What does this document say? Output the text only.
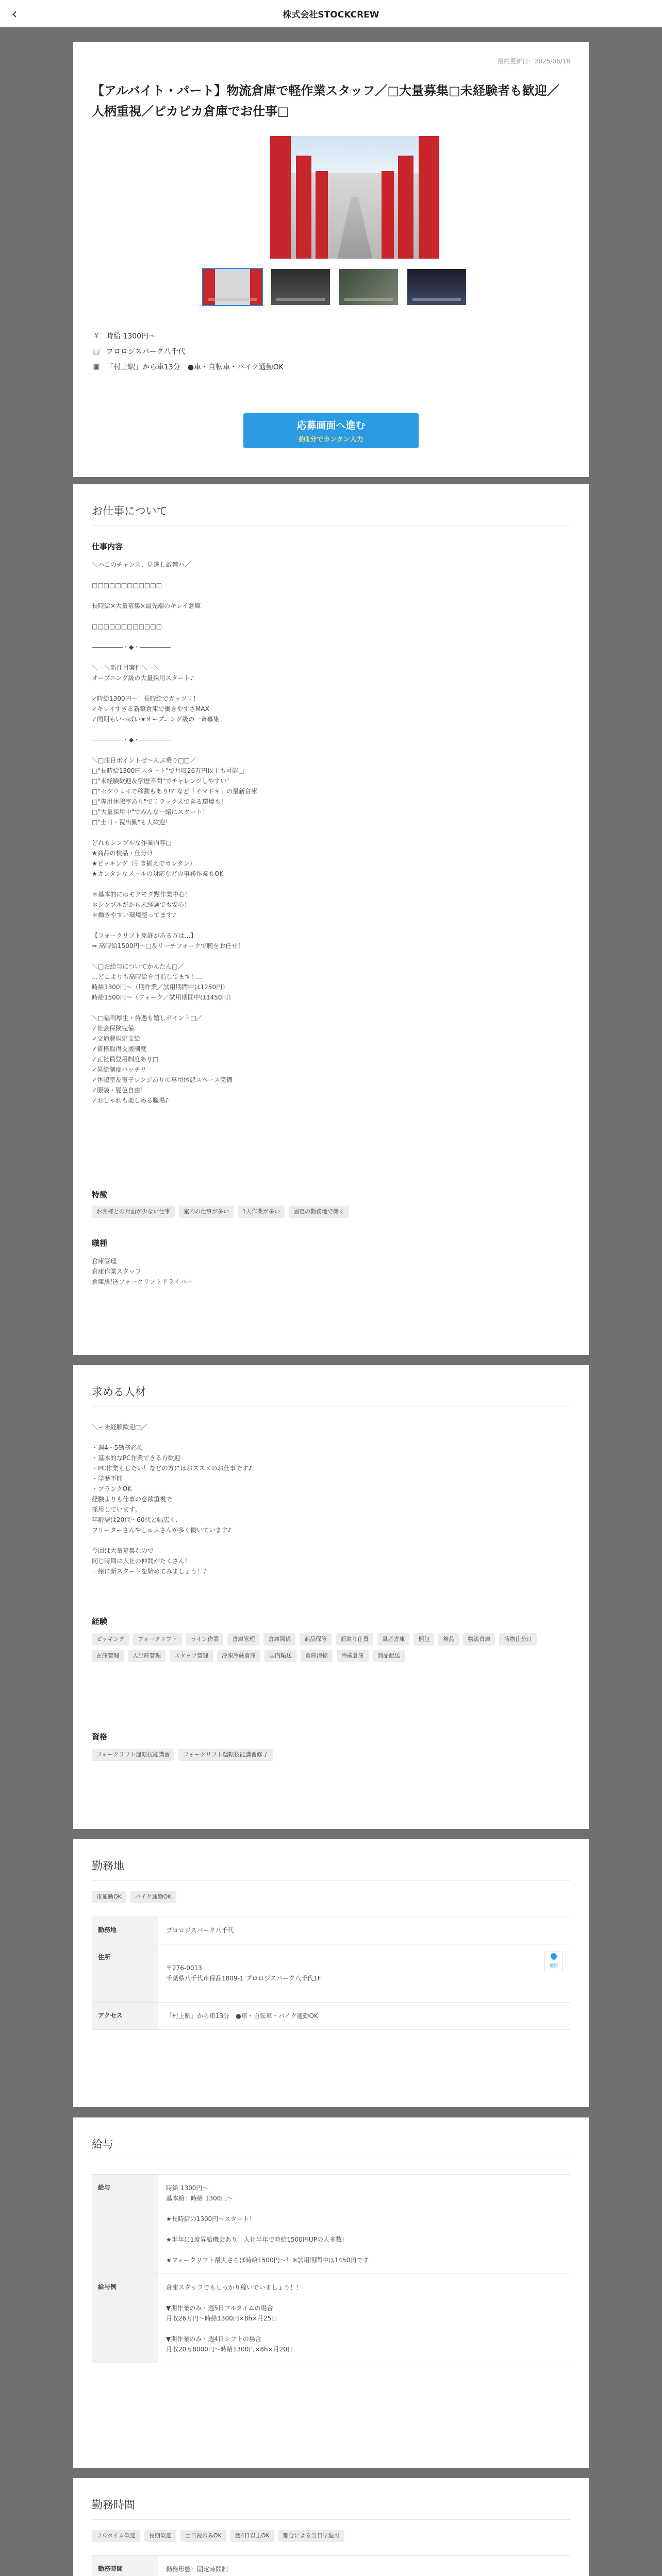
‹	株式会社STOCKCREW
最終更新日：2025/06/18
【アルバイト・パート】物流倉庫で軽作業スタッフ／□大量募集□未経験者も歓迎／人柄重視／ピカピカ倉庫でお仕事□
¥	時給 1300円〜
▤ プロロジスパーク八千代
▣ 「村上駅」から車13分　●車・自転車・バイク通勤OK
応募画面へ進む
約1分でカンタン入力
お仕事について
仕事内容
＼ハこのチャンス、見逃し厳禁ハ／

□□□□□□□□□□□□

長時給×大量募集×最先端のキレイ倉庫

□□□□□□□□□□□□

―――――・◆・―――――

＼―＼新注目案件＼―＼
オープニング級の大量採用スタート♪

✓時給1300円〜！長時給でガッツリ！
✓キレイすぎる新築倉庫で働きやすさMAX
✓同期もいっぱい★オープニング級の一斉募集

―――――・◆・―――――

＼□注目ポイントぜ〜んぶ乗り□□／
□"長時給1300円スタート"で月収26万円以上も可能□
□"未経験歓迎＆学歴不問"でチャレンジしやすい！
□"セグウェイで移動もあり!?"など「イマドキ」の最新倉庫
□"専用休憩室あり"でリラックスできる環境も！
□"大量採用中"でみんな一緒にスタート！
□"土日・祝出勤"も大歓迎！

どれもシンプルな作業内容□
★商品の検品・仕分け
★ピッキング（引き揃えでカンタン）
★カンタンなメールの対応などの事務作業もOK

＊基本的にはモクモク黙作業中心！
＊シンプルだから未経験でも安心！
＊働きやすい環境整ってます♪

【フォークリフト免許がある方は…】
⇒ 高時給1500円〜□＆リーチフォークで腕をお任せ！

＼□お給与についてかんたん□／
…どこよりも高時給を目指してます！…
時給1300円〜（期作業／試用期間中は1250円）
時給1500円〜（フォーク／試用期間中は1450円）

＼□福利厚生・待遇も嬉しポイント□／
✓社会保険完備
✓交通費規定支給
✓資格取得支援制度
✓正社員登用制度あり□
✓昇給制度バッチリ
✓休憩室＆電子レンジありの専用休憩スペース完備
✓服装・髪色自由！
✓おしゃれも楽しめる職場♪
特徴
お客様との対面が少ない仕事	室内の仕事が多い	1人作業が多い	固定の勤務地で働く
職種
倉庫管理
倉庫作業スタッフ
倉庫/配送フォークリフトドライバー
求める人材
＼ー未経験歓迎□／

・週4〜5勤務必須
・基本的なPC作業できる方歓迎
・PC作業もしたい！などの方にはおススメのお仕事です♪
・学歴不問
・ブランクOK
経験よりも仕事の意欲重視で
採用しています。
年齢層は20代〜60代と幅広く、
フリーターさんやしゅふさんが多く働いています♪

今回は大量募集なので
同じ時期に入社の仲間がたくさん！
一緒に新スタートを始めてみましょう！♪
経験
ピッキング	フォークリフト	ライン作業	倉庫管理	倉庫関係	商品保管	面取り仕置	量産倉庫	梱包	検品	物流倉庫	荷物仕分け
在庫管理	入出庫管理	スタッフ管理	冷凍冷蔵倉庫	国内輸送	倉庫清掃	冷蔵倉庫	商品配送
資格
フォークリフト運転技能講習	フォークリフト運転技能講習修了
勤務地
車通勤OK	バイク通勤OK
勤務地	プロロジスパーク八千代
住所

〒276-0013
千葉県八千代市保品1809-1 プロロジスパーク八千代1F

地図

アクセス	「村上駅」から車13分　●車・自転車・バイク通勤OK
給与
給与	時給 1300円〜
基本給：時給 1300円〜

★長時給の1300円〜スタート！

★半年に1度昇給機会あり！入社半年で時給1500円UPの人多数!

★フォークリフト最大さらば時給1500円〜！※試用期間中は1450円です
給与例	倉庫スタッフでもしっかり稼いでいましょう！！

▼期作業のみ・週5日フルタイムの場合
月収26万円〜時給1300円×8h×月25日

▼期作業のみ・週4日シフトの場合
月収20万8000円〜時給1300円×8h×月20日
勤務時間
フルタイム歓迎	長期歓迎	土日祝のみOK	週4日以上OK	都合による当日早退可
勤務時間	勤務形態：固定時間制
